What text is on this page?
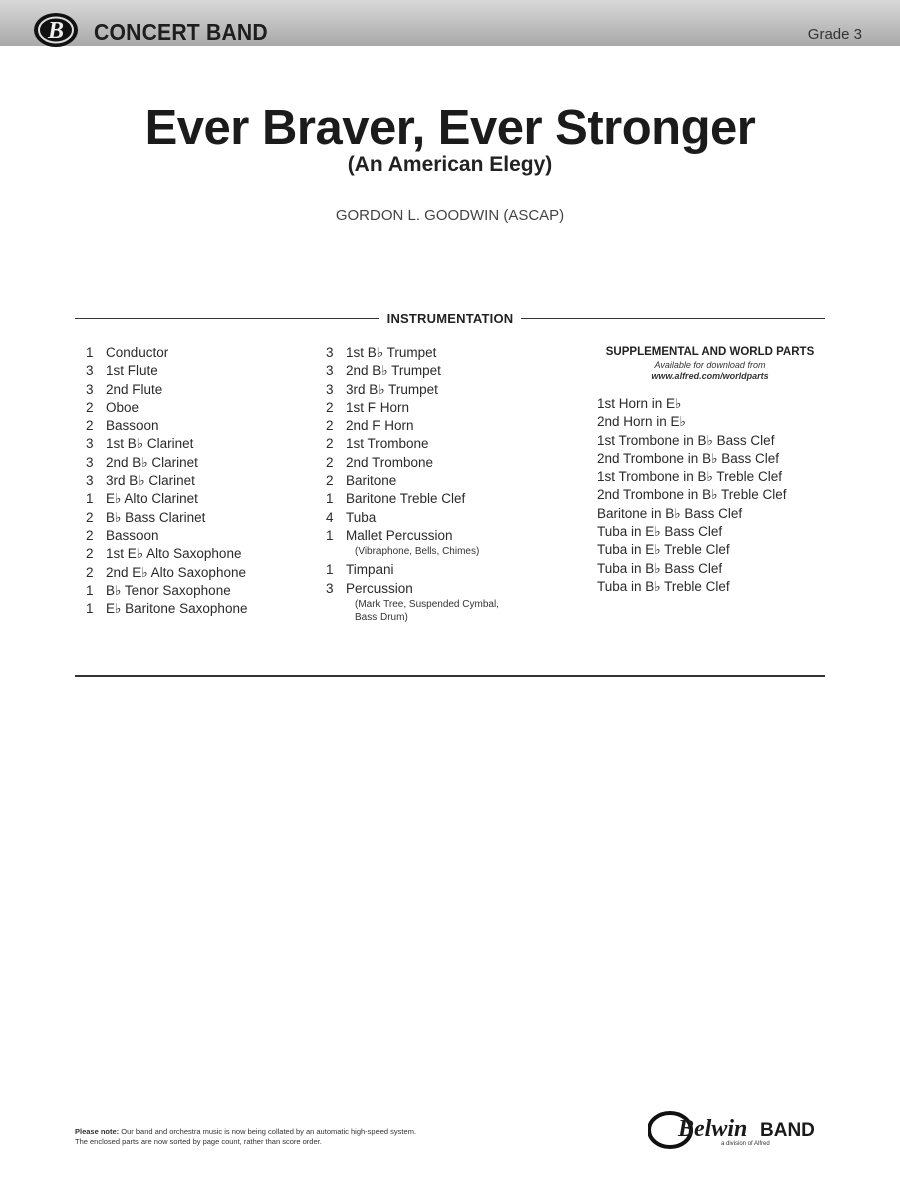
B CONCERT BAND	Grade 3
Ever Braver, Ever Stronger
(An American Elegy)
GORDON L. GOODWIN (ASCAP)
INSTRUMENTATION
1 Conductor
3 1st Flute
3 2nd Flute
2 Oboe
2 Bassoon
3 1st B♭ Clarinet
3 2nd B♭ Clarinet
3 3rd B♭ Clarinet
1 E♭ Alto Clarinet
2 B♭ Bass Clarinet
2 Bassoon
2 1st E♭ Alto Saxophone
2 2nd E♭ Alto Saxophone
1 B♭ Tenor Saxophone
1 E♭ Baritone Saxophone
3 1st B♭ Trumpet
3 2nd B♭ Trumpet
3 3rd B♭ Trumpet
2 1st F Horn
2 2nd F Horn
2 1st Trombone
2 2nd Trombone
2 Baritone
1 Baritone Treble Clef
4 Tuba
1 Mallet Percussion
(Vibraphone, Bells, Chimes)
1 Timpani
3 Percussion
(Mark Tree, Suspended Cymbal,
Bass Drum)
SUPPLEMENTAL AND WORLD PARTS
Available for download from
www.alfred.com/worldparts
1st Horn in E♭
2nd Horn in E♭
1st Trombone in B♭ Bass Clef
2nd Trombone in B♭ Bass Clef
1st Trombone in B♭ Treble Clef
2nd Trombone in B♭ Treble Clef
Baritone in B♭ Bass Clef
Tuba in E♭ Bass Clef
Tuba in E♭ Treble Clef
Tuba in B♭ Bass Clef
Tuba in B♭ Treble Clef
Please note: Our band and orchestra music is now being collated by an automatic high-speed system.
The enclosed parts are now sorted by page count, rather than score order.	Belwin BAND
a division of Alfred
